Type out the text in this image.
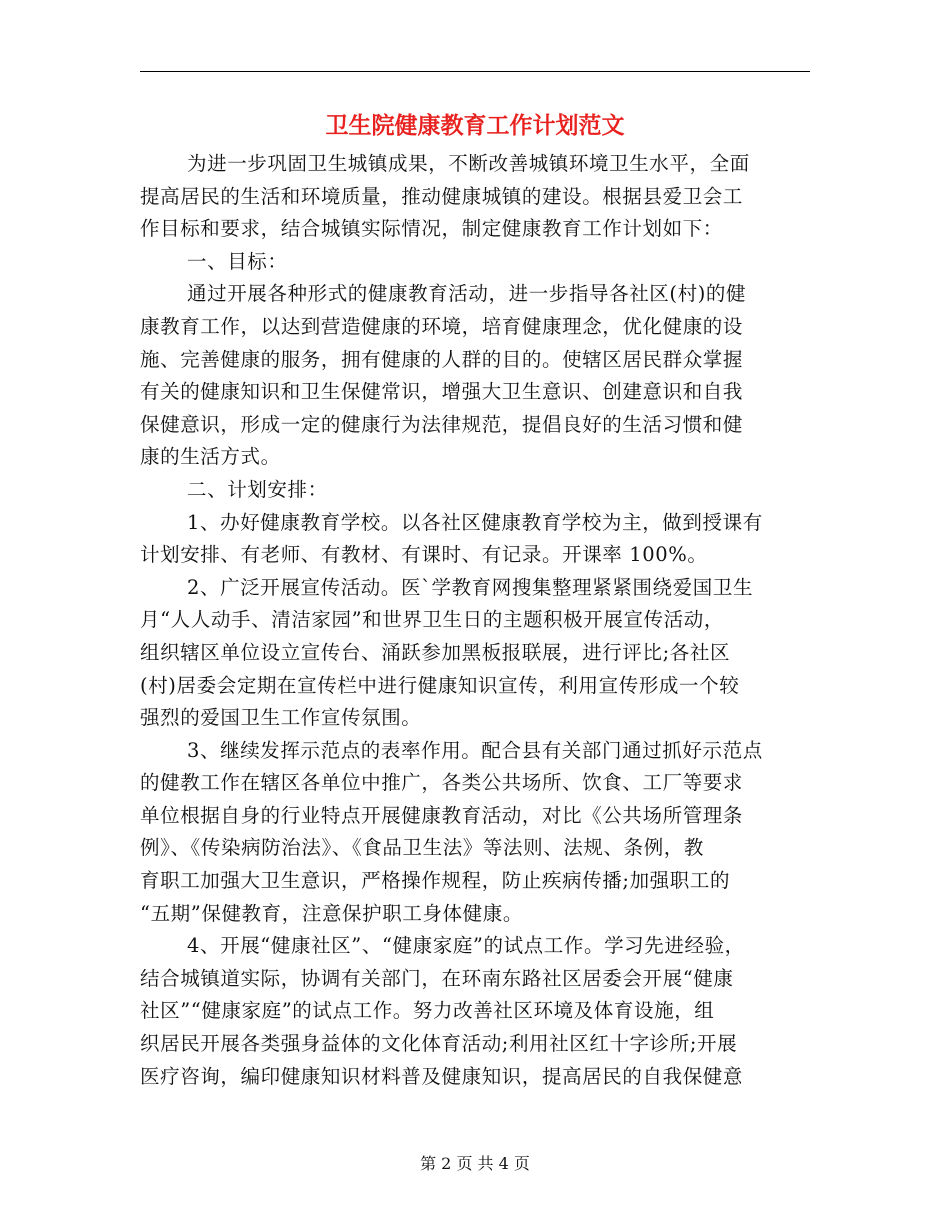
卫生院健康教育工作计划范文
为进一步巩固卫生城镇成果，不断改善城镇环境卫生水平，全面
提高居民的生活和环境质量，推动健康城镇的建设。根据县爱卫会工
作目标和要求，结合城镇实际情况，制定健康教育工作计划如下：
一、目标：
通过开展各种形式的健康教育活动，进一步指导各社区(村)的健
康教育工作，以达到营造健康的环境，培育健康理念，优化健康的设
施、完善健康的服务，拥有健康的人群的目的。使辖区居民群众掌握
有关的健康知识和卫生保健常识，增强大卫生意识、创建意识和自我
保健意识，形成一定的健康行为法律规范，提倡良好的生活习惯和健
康的生活方式。
二、计划安排：
1、办好健康教育学校。以各社区健康教育学校为主，做到授课有
计划安排、有老师、有教材、有课时、有记录。开课率 100%。
2、广泛开展宣传活动。医`学教育网搜集整理紧紧围绕爱国卫生
月“人人动手、清洁家园”和世界卫生日的主题积极开展宣传活动，
组织辖区单位设立宣传台、涌跃参加黑板报联展，进行评比;各社区
(村)居委会定期在宣传栏中进行健康知识宣传，利用宣传形成一个较
强烈的爱国卫生工作宣传氛围。
3、继续发挥示范点的表率作用。配合县有关部门通过抓好示范点
的健教工作在辖区各单位中推广，各类公共场所、饮食、工厂等要求
单位根据自身的行业特点开展健康教育活动，对比《公共场所管理条
例》、《传染病防治法》、《食品卫生法》等法则、法规、条例，教
育职工加强大卫生意识，严格操作规程，防止疾病传播;加强职工的
“五期”保健教育，注意保护职工身体健康。
4、开展“健康社区”、“健康家庭”的试点工作。学习先进经验，
结合城镇道实际，协调有关部门，在环南东路社区居委会开展“健康
社区”“健康家庭”的试点工作。努力改善社区环境及体育设施，组
织居民开展各类强身益体的文化体育活动;利用社区红十字诊所;开展
医疗咨询，编印健康知识材料普及健康知识，提高居民的自我保健意
第 2 页 共 4 页
